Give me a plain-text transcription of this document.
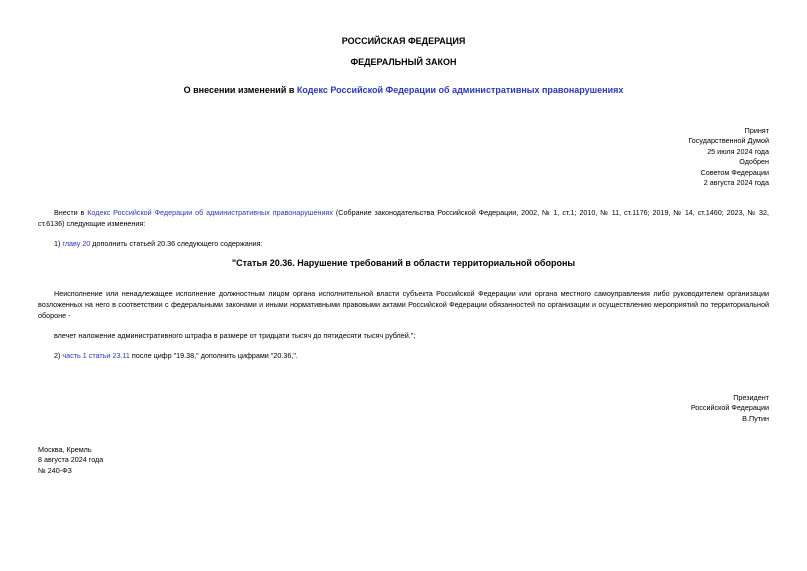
РОССИЙСКАЯ ФЕДЕРАЦИЯ
ФЕДЕРАЛЬНЫЙ ЗАКОН
О внесении изменений в Кодекс Российской Федерации об административных правонарушениях
Принят
Государственной Думой
25 июля 2024 года
Одобрен
Советом Федерации
2 августа 2024 года
Внести в Кодекс Российской Федерации об административных правонарушениях (Собрание законодательства Российской Федерации, 2002, № 1, ст.1; 2010, № 11, ст.1176; 2019, № 14, ст.1460; 2023, № 32, ст.6136) следующие изменения:
1) главу 20 дополнить статьей 20.36 следующего содержания:
"Статья 20.36. Нарушение требований в области территориальной обороны
Неисполнение или ненадлежащее исполнение должностным лицом органа исполнительной власти субъекта Российской Федерации или органа местного самоуправления либо руководителем организации возложенных на него в соответствии с федеральными законами и иными нормативными правовыми актами Российской Федерации обязанностей по организации и осуществлению мероприятий по территориальной обороне -
влечет наложение административного штрафа в размере от тридцати тысяч до пятидесяти тысяч рублей.";
2) часть 1 статьи 23.11 после цифр "19.38," дополнить цифрами "20.36,".
Президент
Российской Федерации
В.Путин
Москва, Кремль
8 августа 2024 года
№ 240-ФЗ
